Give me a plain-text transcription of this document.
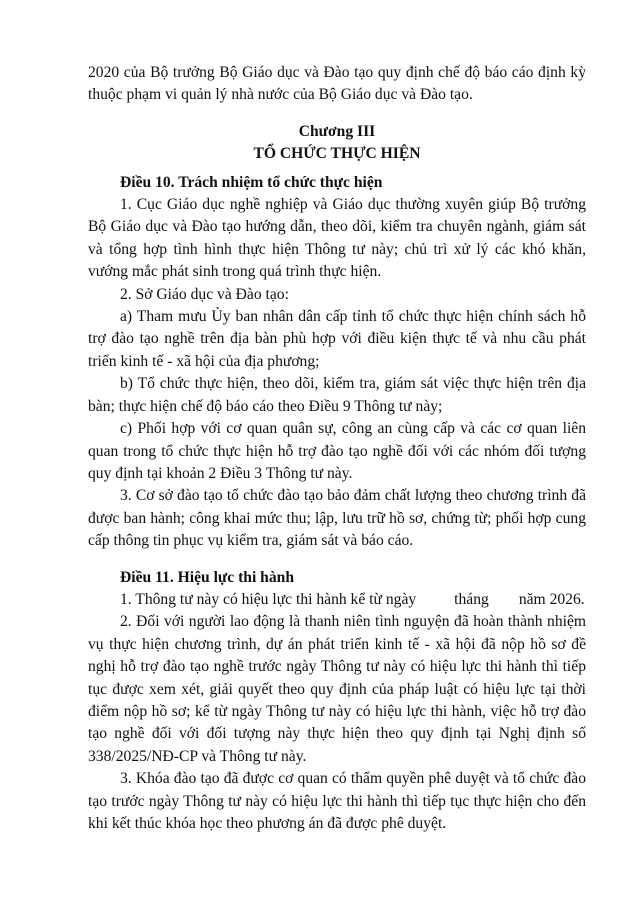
2020 của Bộ trưởng Bộ Giáo dục và Đào tạo quy định chế độ báo cáo định kỳ thuộc phạm vi quản lý nhà nước của Bộ Giáo dục và Đào tạo.

Chương III

TỔ CHỨC THỰC HIỆN

Điều 10. Trách nhiệm tổ chức thực hiện

1. Cục Giáo dục nghề nghiệp và Giáo dục thường xuyên giúp Bộ trưởng Bộ Giáo dục và Đào tạo hướng dẫn, theo dõi, kiểm tra chuyên ngành, giám sát và tổng hợp tình hình thực hiện Thông tư này; chủ trì xử lý các khó khăn, vướng mắc phát sinh trong quá trình thực hiện.

2. Sở Giáo dục và Đào tạo:

a) Tham mưu Ủy ban nhân dân cấp tỉnh tổ chức thực hiện chính sách hỗ trợ đào tạo nghề trên địa bàn phù hợp với điều kiện thực tế và nhu cầu phát triển kinh tế - xã hội của địa phương;

b) Tổ chức thực hiện, theo dõi, kiểm tra, giám sát việc thực hiện trên địa bàn; thực hiện chế độ báo cáo theo Điều 9 Thông tư này;

c) Phối hợp với cơ quan quân sự, công an cùng cấp và các cơ quan liên quan trong tổ chức thực hiện hỗ trợ đào tạo nghề đối với các nhóm đối tượng quy định tại khoản 2 Điều 3 Thông tư này.

3. Cơ sở đào tạo tổ chức đào tạo bảo đảm chất lượng theo chương trình đã được ban hành; công khai mức thu; lập, lưu trữ hồ sơ, chứng từ; phối hợp cung cấp thông tin phục vụ kiểm tra, giám sát và báo cáo.

Điều 11. Hiệu lực thi hành

1. Thông tư này có hiệu lực thi hành kể từ ngày tháng năm 2026.

2. Đối với người lao động là thanh niên tình nguyện đã hoàn thành nhiệm vụ thực hiện chương trình, dự án phát triển kinh tế - xã hội đã nộp hồ sơ đề nghị hỗ trợ đào tạo nghề trước ngày Thông tư này có hiệu lực thi hành thì tiếp tục được xem xét, giải quyết theo quy định của pháp luật có hiệu lực tại thời điểm nộp hồ sơ; kể từ ngày Thông tư này có hiệu lực thi hành, việc hỗ trợ đào tạo nghề đối với đối tượng này thực hiện theo quy định tại Nghị định số 338/2025/NĐ-CP và Thông tư này.

3. Khóa đào tạo đã được cơ quan có thẩm quyền phê duyệt và tổ chức đào tạo trước ngày Thông tư này có hiệu lực thi hành thì tiếp tục thực hiện cho đến khi kết thúc khóa học theo phương án đã được phê duyệt.
